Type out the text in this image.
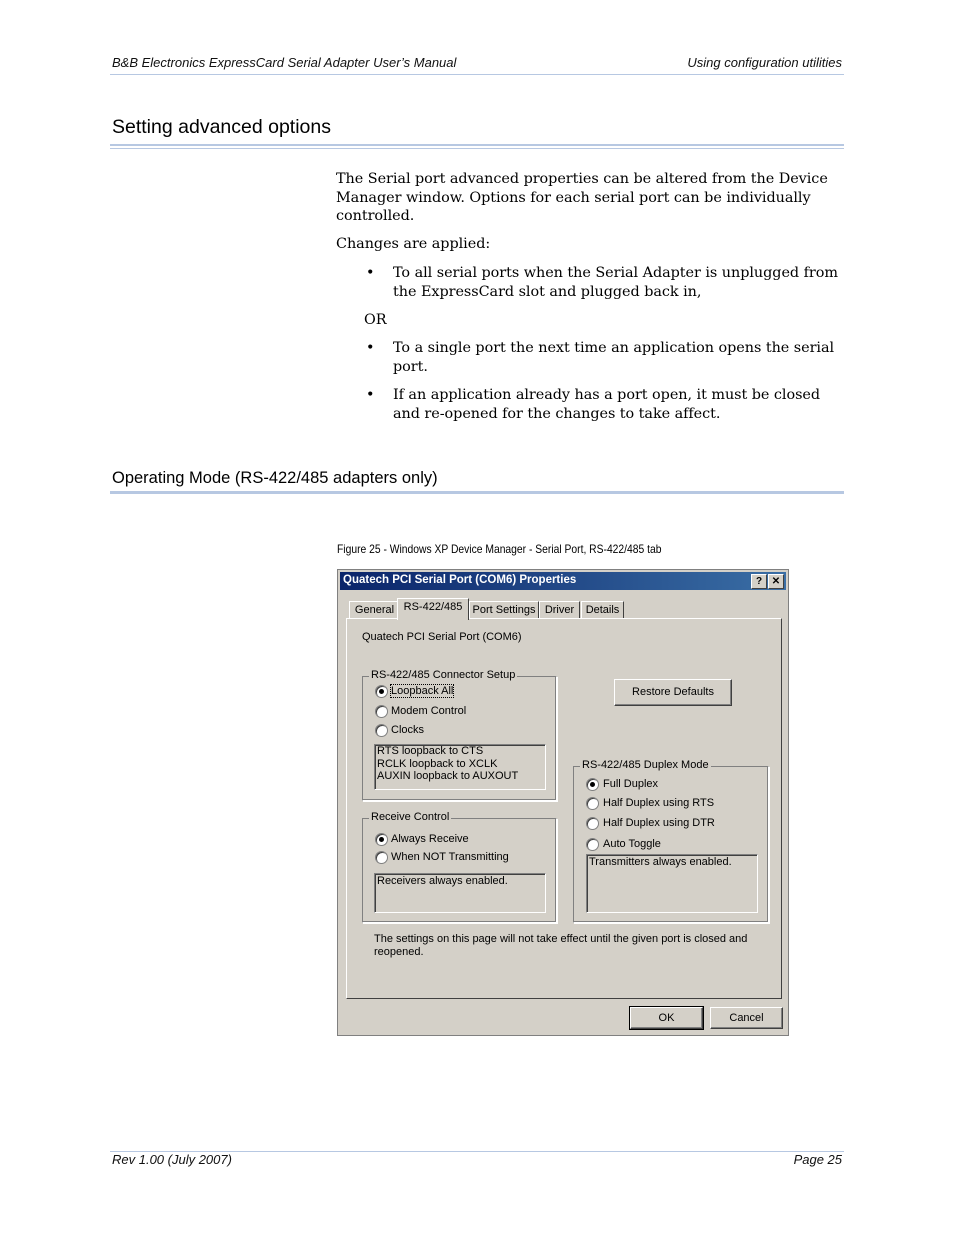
B&B Electronics ExpressCard Serial Adapter User’s Manual	Using configuration utilities
Setting advanced options
The Serial port advanced properties can be altered from the Device
Manager window. Options for each serial port can be individually
controlled.
Changes are applied:
• To all serial ports when the Serial Adapter is unplugged from
the ExpressCard slot and plugged back in,
OR
• To a single port the next time an application opens the serial
port.
• If an application already has a port open, it must be closed
and re-opened for the changes to take affect.
Operating Mode (RS-422/485 adapters only)
Figure 25 - Windows XP Device Manager - Serial Port, RS-422/485 tab
Quatech PCI Serial Port (COM6) Properties	? ✕
General RS-422/485 Port Settings Driver	Details
Quatech PCI Serial Port (COM6)
RS-422/485 Connector Setup
Loopback All
Modem Control
Clocks
RTS loopback to CTS
RCLK loopback to XCLK
AUXIN loopback to AUXOUT
Restore Defaults
Receive Control
Always Receive
When NOT Transmitting
Receivers always enabled.
RS-422/485 Duplex Mode
Full Duplex
Half Duplex using RTS
Half Duplex using DTR
Auto Toggle
Transmitters always enabled.
The settings on this page will not take effect until the given port is closed and
reopened.
OK	Cancel
Rev 1.00 (July 2007)	Page 25
